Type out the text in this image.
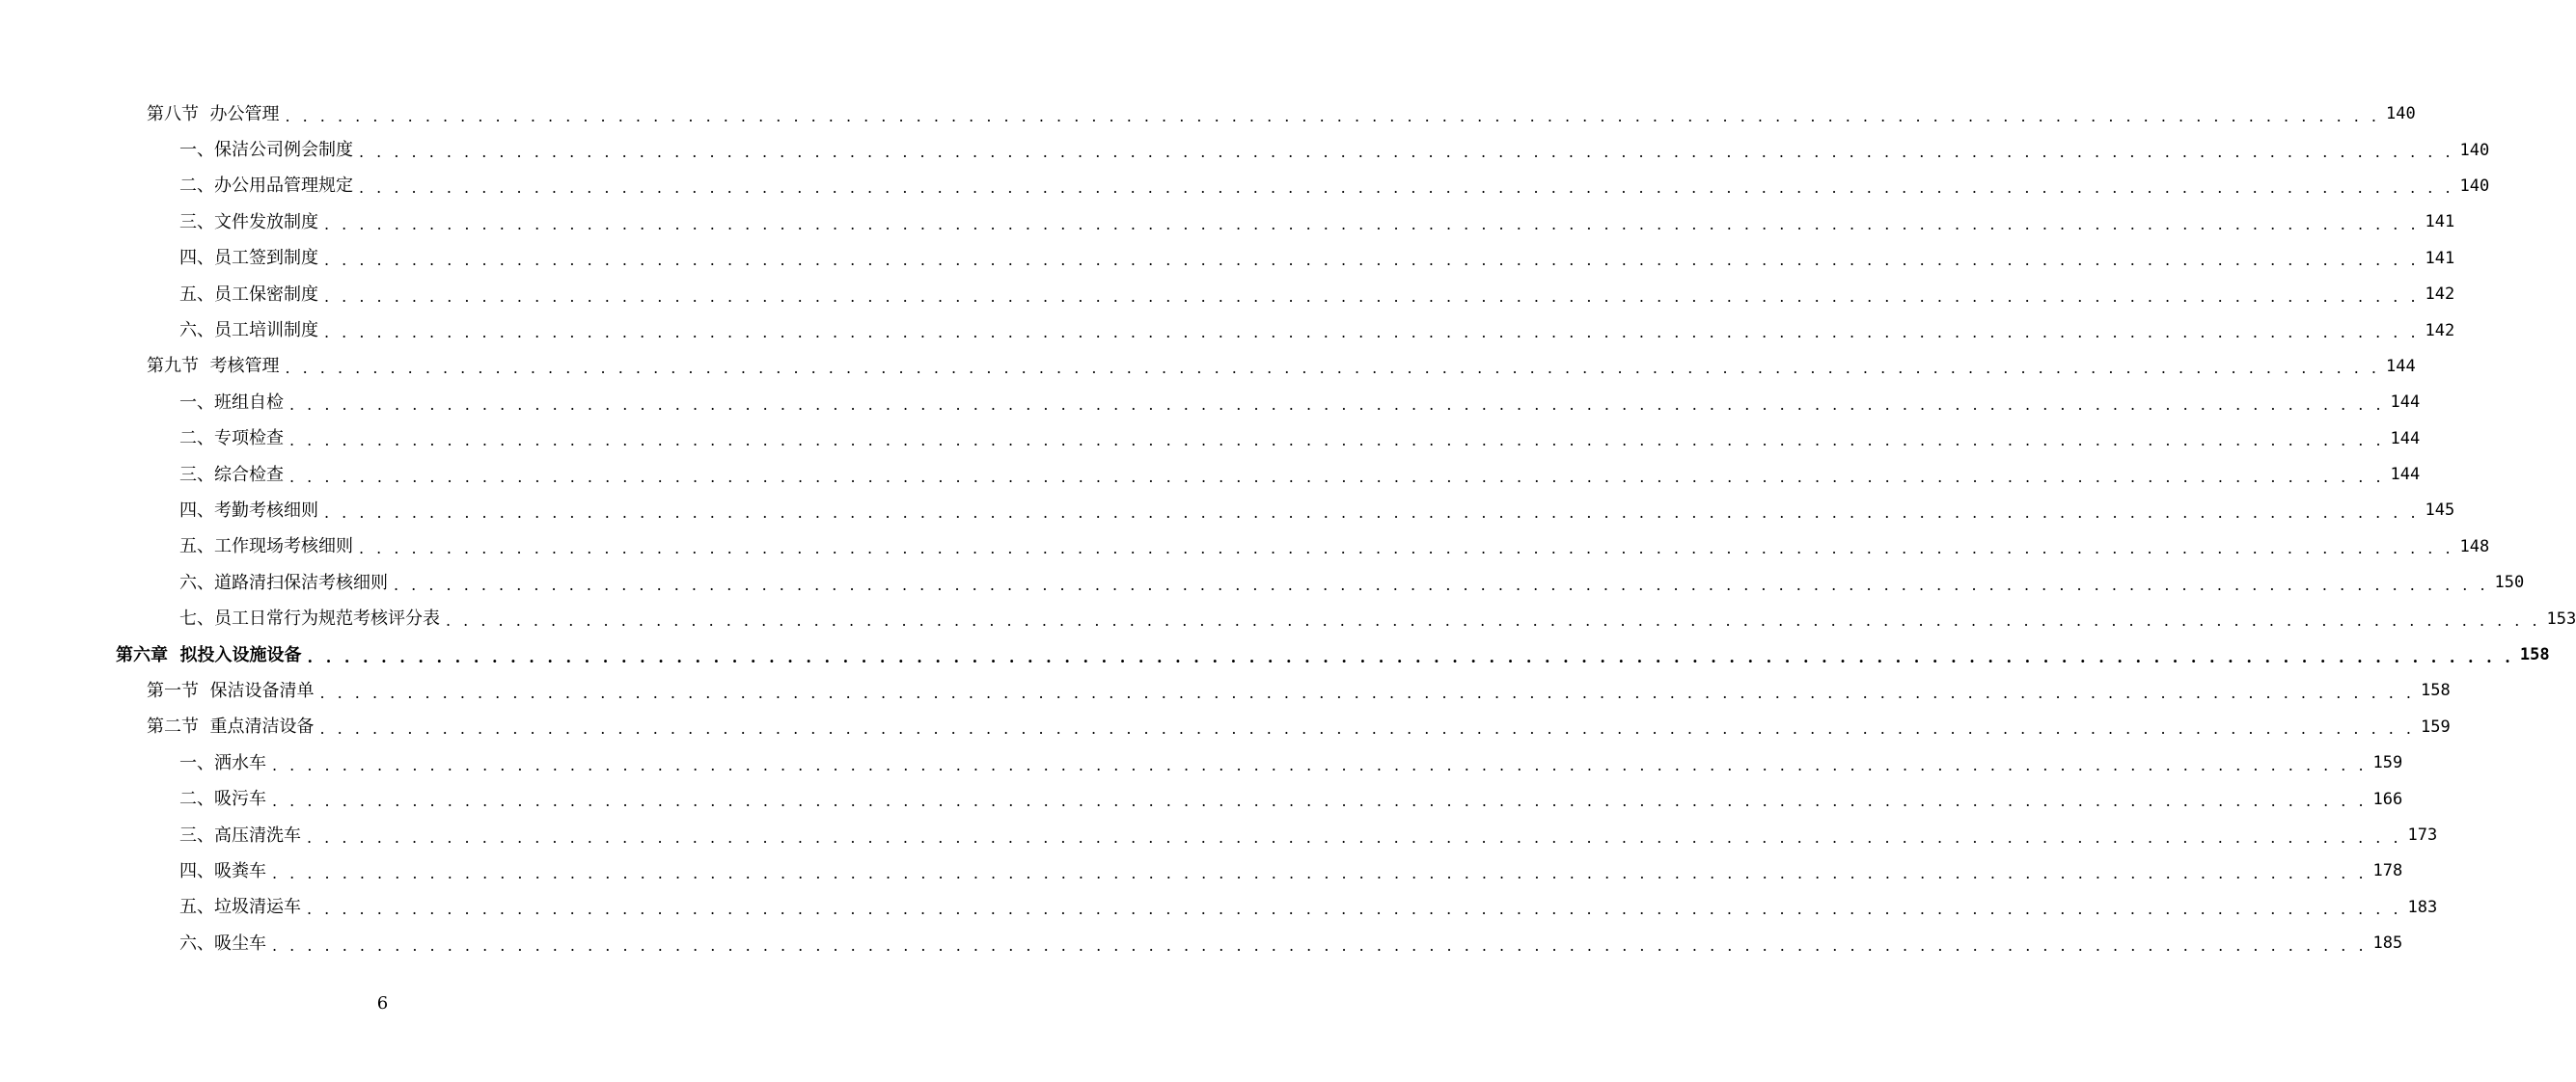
第八节  办公管理 . . . . . . . . . . . . . . . . . . . . . . . . . . . . . . . . . . . . . . . . . . . . . . . . . . . . . . . . . . . . . . . . . . . . . . . . . . . . . . . . . . . . . . . . . . . . . . . . . . . . . . . . . . . . . . . . . . . . . . . . 140
一、保洁公司例会制度 . . . . . . . . . . . . . . . . . . . . . . . . . . . . . . . . . . . . . . . . . . . . . . . . . . . . . . . . . . . . . . . . . . . . . . . . . . . . . . . . . . . . . . . . . . . . . . . . . . . . . . . . . . . . . . . . . . . . . . . . 140
二、办公用品管理规定 . . . . . . . . . . . . . . . . . . . . . . . . . . . . . . . . . . . . . . . . . . . . . . . . . . . . . . . . . . . . . . . . . . . . . . . . . . . . . . . . . . . . . . . . . . . . . . . . . . . . . . . . . . . . . . . . . . . . . . . . 140
三、文件发放制度 . . . . . . . . . . . . . . . . . . . . . . . . . . . . . . . . . . . . . . . . . . . . . . . . . . . . . . . . . . . . . . . . . . . . . . . . . . . . . . . . . . . . . . . . . . . . . . . . . . . . . . . . . . . . . . . . . . . . . . . . 141
四、员工签到制度 . . . . . . . . . . . . . . . . . . . . . . . . . . . . . . . . . . . . . . . . . . . . . . . . . . . . . . . . . . . . . . . . . . . . . . . . . . . . . . . . . . . . . . . . . . . . . . . . . . . . . . . . . . . . . . . . . . . . . . . . 141
五、员工保密制度 . . . . . . . . . . . . . . . . . . . . . . . . . . . . . . . . . . . . . . . . . . . . . . . . . . . . . . . . . . . . . . . . . . . . . . . . . . . . . . . . . . . . . . . . . . . . . . . . . . . . . . . . . . . . . . . . . . . . . . . . 142
六、员工培训制度 . . . . . . . . . . . . . . . . . . . . . . . . . . . . . . . . . . . . . . . . . . . . . . . . . . . . . . . . . . . . . . . . . . . . . . . . . . . . . . . . . . . . . . . . . . . . . . . . . . . . . . . . . . . . . . . . . . . . . . . . 142
第九节  考核管理 . . . . . . . . . . . . . . . . . . . . . . . . . . . . . . . . . . . . . . . . . . . . . . . . . . . . . . . . . . . . . . . . . . . . . . . . . . . . . . . . . . . . . . . . . . . . . . . . . . . . . . . . . . . . . . . . . . . . . . . . 144
一、班组自检 . . . . . . . . . . . . . . . . . . . . . . . . . . . . . . . . . . . . . . . . . . . . . . . . . . . . . . . . . . . . . . . . . . . . . . . . . . . . . . . . . . . . . . . . . . . . . . . . . . . . . . . . . . . . . . . . . . . . . . . . 144
二、专项检查 . . . . . . . . . . . . . . . . . . . . . . . . . . . . . . . . . . . . . . . . . . . . . . . . . . . . . . . . . . . . . . . . . . . . . . . . . . . . . . . . . . . . . . . . . . . . . . . . . . . . . . . . . . . . . . . . . . . . . . . . 144
三、综合检查 . . . . . . . . . . . . . . . . . . . . . . . . . . . . . . . . . . . . . . . . . . . . . . . . . . . . . . . . . . . . . . . . . . . . . . . . . . . . . . . . . . . . . . . . . . . . . . . . . . . . . . . . . . . . . . . . . . . . . . . . 144
四、考勤考核细则 . . . . . . . . . . . . . . . . . . . . . . . . . . . . . . . . . . . . . . . . . . . . . . . . . . . . . . . . . . . . . . . . . . . . . . . . . . . . . . . . . . . . . . . . . . . . . . . . . . . . . . . . . . . . . . . . . . . . . . . . 145
五、工作现场考核细则 . . . . . . . . . . . . . . . . . . . . . . . . . . . . . . . . . . . . . . . . . . . . . . . . . . . . . . . . . . . . . . . . . . . . . . . . . . . . . . . . . . . . . . . . . . . . . . . . . . . . . . . . . . . . . . . . . . . . . . . . 148
六、道路清扫保洁考核细则 . . . . . . . . . . . . . . . . . . . . . . . . . . . . . . . . . . . . . . . . . . . . . . . . . . . . . . . . . . . . . . . . . . . . . . . . . . . . . . . . . . . . . . . . . . . . . . . . . . . . . . . . . . . . . . . . . . . . . . . . 150
七、员工日常行为规范考核评分表 . . . . . . . . . . . . . . . . . . . . . . . . . . . . . . . . . . . . . . . . . . . . . . . . . . . . . . . . . . . . . . . . . . . . . . . . . . . . . . . . . . . . . . . . . . . . . . . . . . . . . . . . . . . . . . . . . . . . . . . . 153
第六章  拟投入设施设备 . . . . . . . . . . . . . . . . . . . . . . . . . . . . . . . . . . . . . . . . . . . . . . . . . . . . . . . . . . . . . . . . . . . . . . . . . . . . . . . . . . . . . . . . . . . . . . . . . . . . . . . . . . . . . . . . . . . . . . . . 158
第一节  保洁设备清单 . . . . . . . . . . . . . . . . . . . . . . . . . . . . . . . . . . . . . . . . . . . . . . . . . . . . . . . . . . . . . . . . . . . . . . . . . . . . . . . . . . . . . . . . . . . . . . . . . . . . . . . . . . . . . . . . . . . . . . . . 158
第二节  重点清洁设备 . . . . . . . . . . . . . . . . . . . . . . . . . . . . . . . . . . . . . . . . . . . . . . . . . . . . . . . . . . . . . . . . . . . . . . . . . . . . . . . . . . . . . . . . . . . . . . . . . . . . . . . . . . . . . . . . . . . . . . . . 159
一、洒水车 . . . . . . . . . . . . . . . . . . . . . . . . . . . . . . . . . . . . . . . . . . . . . . . . . . . . . . . . . . . . . . . . . . . . . . . . . . . . . . . . . . . . . . . . . . . . . . . . . . . . . . . . . . . . . . . . . . . . . . . . 159
二、吸污车 . . . . . . . . . . . . . . . . . . . . . . . . . . . . . . . . . . . . . . . . . . . . . . . . . . . . . . . . . . . . . . . . . . . . . . . . . . . . . . . . . . . . . . . . . . . . . . . . . . . . . . . . . . . . . . . . . . . . . . . . 166
三、高压清洗车 . . . . . . . . . . . . . . . . . . . . . . . . . . . . . . . . . . . . . . . . . . . . . . . . . . . . . . . . . . . . . . . . . . . . . . . . . . . . . . . . . . . . . . . . . . . . . . . . . . . . . . . . . . . . . . . . . . . . . . . . 173
四、吸粪车 . . . . . . . . . . . . . . . . . . . . . . . . . . . . . . . . . . . . . . . . . . . . . . . . . . . . . . . . . . . . . . . . . . . . . . . . . . . . . . . . . . . . . . . . . . . . . . . . . . . . . . . . . . . . . . . . . . . . . . . . 178
五、垃圾清运车 . . . . . . . . . . . . . . . . . . . . . . . . . . . . . . . . . . . . . . . . . . . . . . . . . . . . . . . . . . . . . . . . . . . . . . . . . . . . . . . . . . . . . . . . . . . . . . . . . . . . . . . . . . . . . . . . . . . . . . . . 183
六、吸尘车 . . . . . . . . . . . . . . . . . . . . . . . . . . . . . . . . . . . . . . . . . . . . . . . . . . . . . . . . . . . . . . . . . . . . . . . . . . . . . . . . . . . . . . . . . . . . . . . . . . . . . . . . . . . . . . . . . . . . . . . . 185
6
